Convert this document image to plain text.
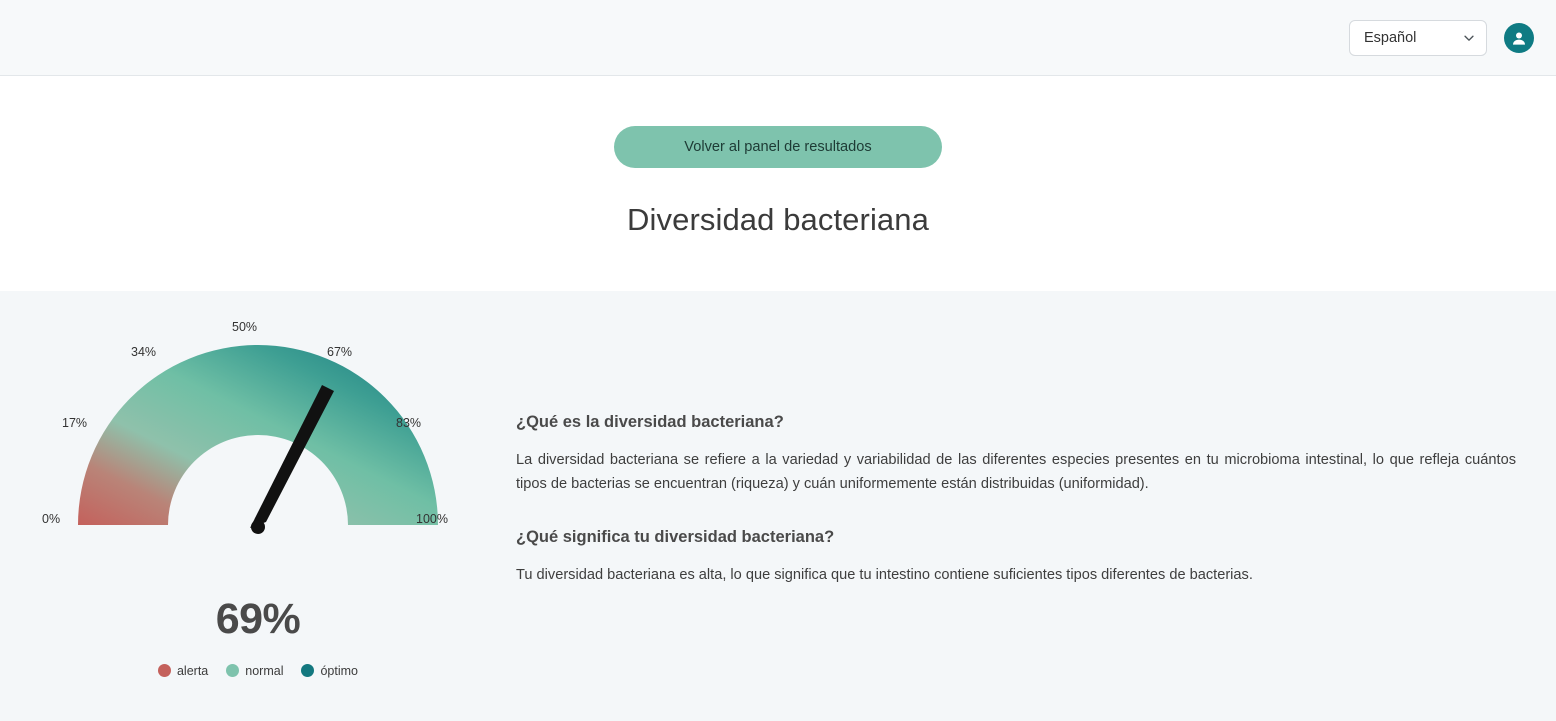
Español
Volver al panel de resultados
Diversidad bacteriana
0%
17%
34%
50%
67%
83%
100%
69%
alerta	normal	óptimo
¿Qué es la diversidad bacteriana?

La diversidad bacteriana se refiere a la variedad y variabilidad de las diferentes especies presentes en tu microbioma intestinal, lo que refleja cuántos tipos de bacterias se encuentran (riqueza) y cuán uniformemente están distribuidas (uniformidad).

¿Qué significa tu diversidad bacteriana?

Tu diversidad bacteriana es alta, lo que significa que tu intestino contiene suficientes tipos diferentes de bacterias.
